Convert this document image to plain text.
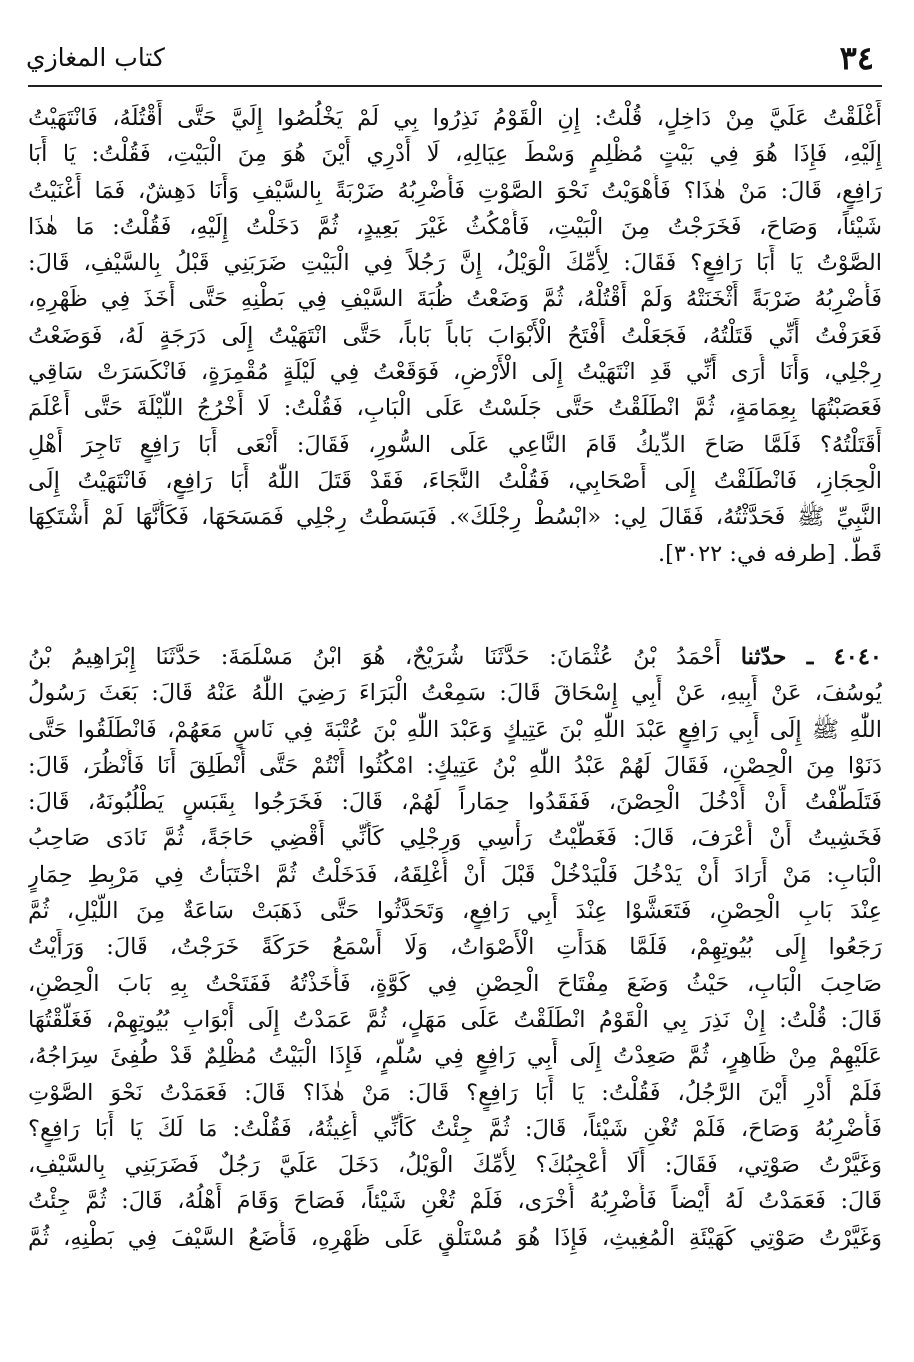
٣٤
كتاب المغازي
أَغْلَقْتُ عَلَيَّ مِنْ دَاخِلٍ، قُلْتُ: إِنِ الْقَوْمُ نَذِرُوا بِي لَمْ يَخْلُصُوا إِلَيَّ حَتَّى أَقْتُلَهُ، فَانْتَهَيْتُ
إِلَيْهِ، فَإِذَا هُوَ فِي بَيْتٍ مُظْلِمٍ وَسْطَ عِيَالِهِ، لَا أَدْرِي أَيْنَ هُوَ مِنَ الْبَيْتِ، فَقُلْتُ: يَا أَبَا
رَافِعٍ، قَالَ: مَنْ هٰذَا؟ فَأَهْوَيْتُ نَحْوَ الصَّوْتِ فَأَضْرِبُهُ ضَرْبَةً بِالسَّيْفِ وَأَنَا دَهِشٌ، فَمَا أَغْنَيْتُ
شَيْئاً، وَصَاحَ، فَخَرَجْتُ مِنَ الْبَيْتِ، فَأَمْكُثُ غَيْرَ بَعِيدٍ، ثُمَّ دَخَلْتُ إِلَيْهِ، فَقُلْتُ: مَا هٰذَا
الصَّوْتُ يَا أَبَا رَافِعٍ؟ فَقَالَ: لِأُمِّكَ الْوَيْلُ، إِنَّ رَجُلاً فِي الْبَيْتِ ضَرَبَنِي قَبْلُ بِالسَّيْفِ، قَالَ:
فَأَضْرِبُهُ ضَرْبَةً أَثْخَنَتْهُ وَلَمْ أَقْتُلْهُ، ثُمَّ وَضَعْتُ ظُبَةَ السَّيْفِ فِي بَطْنِهِ حَتَّى أَخَذَ فِي ظَهْرِهِ،
فَعَرَفْتُ أَنِّي قَتَلْتُهُ، فَجَعَلْتُ أَفْتَحُ الْأَبْوَابَ بَاباً بَاباً، حَتَّى انْتَهَيْتُ إِلَى دَرَجَةٍ لَهُ، فَوَضَعْتُ
رِجْلِي، وَأَنَا أُرَى أَنِّي قَدِ انْتَهَيْتُ إِلَى الْأَرْضِ، فَوَقَعْتُ فِي لَيْلَةٍ مُقْمِرَةٍ، فَانْكَسَرَتْ سَاقِي
فَعَصَبْتُهَا بِعِمَامَةٍ، ثُمَّ انْطَلَقْتُ حَتَّى جَلَسْتُ عَلَى الْبَابِ، فَقُلْتُ: لَا أَخْرُجُ اللَّيْلَةَ حَتَّى أَعْلَمَ
أَقَتَلْتُهُ؟ فَلَمَّا صَاحَ الدِّيكُ قَامَ النَّاعِي عَلَى السُّورِ، فَقَالَ: أَنْعَى أَبَا رَافِعٍ تَاجِرَ أَهْلِ
الْحِجَازِ، فَانْطَلَقْتُ إِلَى أَصْحَابِي، فَقُلْتُ النَّجَاءَ، فَقَدْ قَتَلَ اللّٰهُ أَبَا رَافِعٍ، فَانْتَهَيْتُ إِلَى
النَّبِيِّ ﷺ فَحَدَّثْتُهُ، فَقَالَ لِي: «ابْسُطْ رِجْلَكَ». فَبَسَطْتُ رِجْلِي فَمَسَحَهَا، فَكَأَنَّهَا لَمْ أَشْتَكِهَا
قَطُّ. [طرفه في: ٣٠٢٢].
٤٠٤٠ ـ حدّثنا أَحْمَدُ بْنُ عُثْمَانَ: حَدَّثَنَا شُرَيْحٌ، هُوَ ابْنُ مَسْلَمَةَ: حَدَّثَنَا إِبْرَاهِيمُ بْنُ
يُوسُفَ، عَنْ أَبِيهِ، عَنْ أَبِي إِسْحَاقَ قَالَ: سَمِعْتُ الْبَرَاءَ رَضِيَ اللّٰهُ عَنْهُ قَالَ: بَعَثَ رَسُولُ
اللّٰهِ ﷺ إِلَى أَبِي رَافِعٍ عَبْدَ اللّٰهِ بْنَ عَتِيكٍ وَعَبْدَ اللّٰهِ بْنَ عُتْبَةَ فِي نَاسٍ مَعَهُمْ، فَانْطَلَقُوا حَتَّى
دَنَوْا مِنَ الْحِصْنِ، فَقَالَ لَهُمْ عَبْدُ اللّٰهِ بْنُ عَتِيكٍ: امْكُثُوا أَنْتُمْ حَتَّى أَنْطَلِقَ أَنَا فَأَنْظُرَ، قَالَ:
فَتَلَطَّفْتُ أَنْ أَدْخُلَ الْحِصْنَ، فَفَقَدُوا حِمَاراً لَهُمْ، قَالَ: فَخَرَجُوا بِقَبَسٍ يَطْلُبُونَهُ، قَالَ:
فَخَشِيتُ أَنْ أُعْرَفَ، قَالَ: فَغَطَّيْتُ رَأْسِي وَرِجْلِي كَأَنِّي أَقْضِي حَاجَةً، ثُمَّ نَادَى صَاحِبُ
الْبَابِ: مَنْ أَرَادَ أَنْ يَدْخُلَ فَلْيَدْخُلْ قَبْلَ أَنْ أُغْلِقَهُ، فَدَخَلْتُ ثُمَّ اخْتَبَأْتُ فِي مَرْبِطِ حِمَارٍ
عِنْدَ بَابِ الْحِصْنِ، فَتَعَشَّوْا عِنْدَ أَبِي رَافِعٍ، وَتَحَدَّثُوا حَتَّى ذَهَبَتْ سَاعَةٌ مِنَ اللَّيْلِ، ثُمَّ
رَجَعُوا إِلَى بُيُوتِهِمْ، فَلَمَّا هَدَأَتِ الْأَصْوَاتُ، وَلَا أَسْمَعُ حَرَكَةً خَرَجْتُ، قَالَ: وَرَأَيْتُ
صَاحِبَ الْبَابِ، حَيْثُ وَضَعَ مِفْتَاحَ الْحِصْنِ فِي كَوَّةٍ، فَأَخَذْتُهُ فَفَتَحْتُ بِهِ بَابَ الْحِصْنِ،
قَالَ: قُلْتُ: إِنْ نَذِرَ بِي الْقَوْمُ انْطَلَقْتُ عَلَى مَهَلٍ، ثُمَّ عَمَدْتُ إِلَى أَبْوَابِ بُيُوتِهِمْ، فَغَلَّقْتُهَا
عَلَيْهِمْ مِنْ ظَاهِرٍ، ثُمَّ صَعِدْتُ إِلَى أَبِي رَافِعٍ فِي سُلَّمٍ، فَإِذَا الْبَيْتُ مُظْلِمٌ قَدْ طُفِئَ سِرَاجُهُ،
فَلَمْ أَدْرِ أَيْنَ الرَّجُلُ، فَقُلْتُ: يَا أَبَا رَافِعٍ؟ قَالَ: مَنْ هٰذَا؟ قَالَ: فَعَمَدْتُ نَحْوَ الصَّوْتِ
فَأَضْرِبُهُ وَصَاحَ، فَلَمْ تُغْنِ شَيْئاً، قَالَ: ثُمَّ جِئْتُ كَأَنِّي أُغِيثُهُ، فَقُلْتُ: مَا لَكَ يَا أَبَا رَافِعٍ؟
وَغَيَّرْتُ صَوْتِي، فَقَالَ: أَلَا أُعْجِبُكَ؟ لِأُمِّكَ الْوَيْلُ، دَخَلَ عَلَيَّ رَجُلٌ فَضَرَبَنِي بِالسَّيْفِ،
قَالَ: فَعَمَدْتُ لَهُ أَيْضاً فَأَضْرِبُهُ أُخْرَى، فَلَمْ تُغْنِ شَيْئاً، فَصَاحَ وَقَامَ أَهْلُهُ، قَالَ: ثُمَّ جِئْتُ
وَغَيَّرْتُ صَوْتِي كَهَيْئَةِ الْمُغِيثِ، فَإِذَا هُوَ مُسْتَلْقٍ عَلَى ظَهْرِهِ، فَأَضَعُ السَّيْفَ فِي بَطْنِهِ، ثُمَّ
